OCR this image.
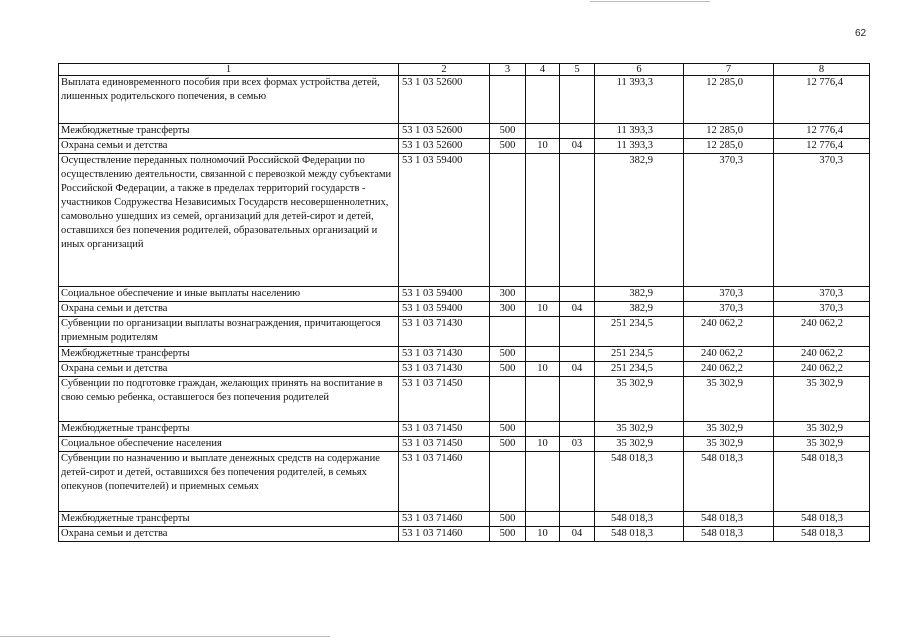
62
1	2	3	4	5	6	7	8
Выплата единовременного пособия при всех формах устройства детей, лишенных родительского попечения, в семью	53 1 03 52600				11 393,3	12 285,0	12 776,4
Межбюджетные трансферты	53 1 03 52600	500			11 393,3	12 285,0	12 776,4
Охрана семьи и детства	53 1 03 52600	500	10	04	11 393,3	12 285,0	12 776,4
Осуществление переданных полномочий Российской Федерации по осуществлению деятельности, связанной с перевозкой между субъектами Российской Федерации, а также в пределах территорий государств - участников Содружества Независимых Государств несовершеннолетних, самовольно ушедших из семей, организаций для детей-сирот и детей, оставшихся без попечения родителей, образовательных организаций и иных организаций	53 1 03 59400				382,9	370,3	370,3
Социальное обеспечение и иные выплаты населению	53 1 03 59400	300			382,9	370,3	370,3
Охрана семьи и детства	53 1 03 59400	300	10	04	382,9	370,3	370,3
Субвенции по организации выплаты вознаграждения, причитающегося приемным родителям	53 1 03 71430				251 234,5	240 062,2	240 062,2
Межбюджетные трансферты	53 1 03 71430	500			251 234,5	240 062,2	240 062,2
Охрана семьи и детства	53 1 03 71430	500	10	04	251 234,5	240 062,2	240 062,2
Субвенции по подготовке граждан, желающих принять на воспитание в свою семью ребенка, оставшегося без попечения родителей	53 1 03 71450				35 302,9	35 302,9	35 302,9
Межбюджетные трансферты	53 1 03 71450	500			35 302,9	35 302,9	35 302,9
Социальное обеспечение населения	53 1 03 71450	500	10	03	35 302,9	35 302,9	35 302,9
Субвенции по назначению и выплате денежных средств на содержание детей-сирот и детей, оставшихся без попечения родителей, в семьях опекунов (попечителей) и приемных семьях	53 1 03 71460				548 018,3	548 018,3	548 018,3
Межбюджетные трансферты	53 1 03 71460	500			548 018,3	548 018,3	548 018,3
Охрана семьи и детства	53 1 03 71460	500	10	04	548 018,3	548 018,3	548 018,3
